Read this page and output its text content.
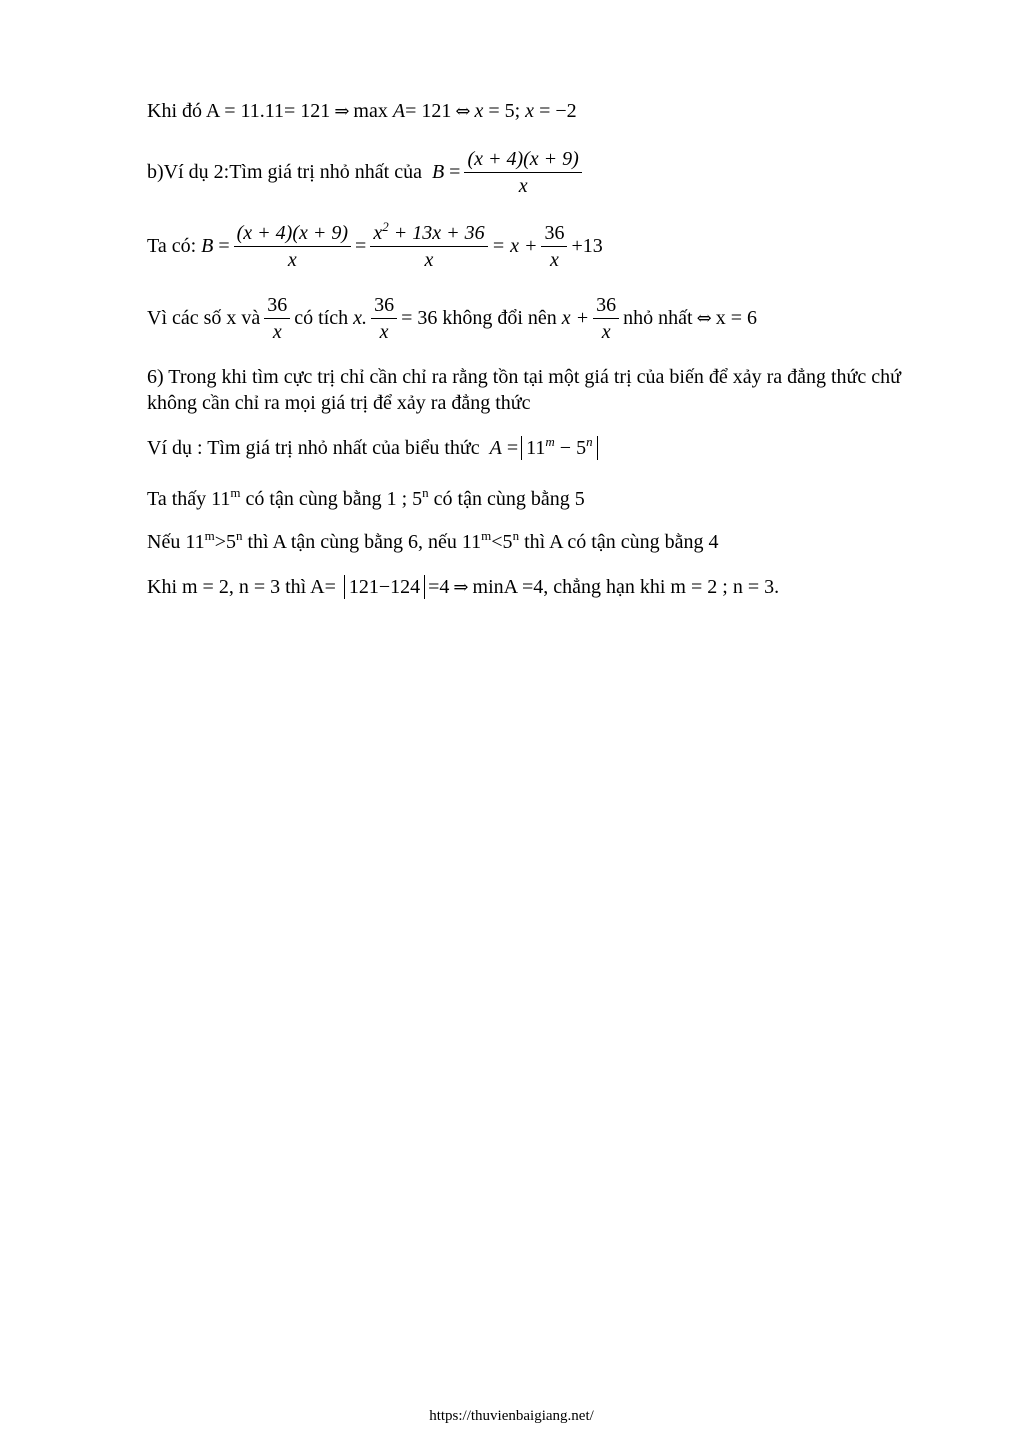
Khi đó A = 11.11= 121 ⇒ max
A = 121 ⇔ x
= 5;
x
= −2
b)Ví dụ 2:Tìm giá trị nhỏ nhất của
B
= $\frac{(x + 4)(x + 9)}{x}$
Ta có:
B
= $\frac{(x + 4)(x + 9)}{x} = \frac{x^2 + 13x + 36}{x} = x + \frac{36}{x} +13$
Vì các số x và $\frac{36}{x}$ có tích
x. $\frac{36}{x} = 36$ không đổi nên
$x + \frac{36}{x}$ nhỏ nhất ⇔ x = 6
6) Trong khi tìm cực trị chỉ cần chỉ ra rằng tồn tại một giá trị của biến để xảy ra đẳng thức chứ không cần chỉ ra mọi giá trị để xảy ra đẳng thức
Ví dụ : Tìm giá trị nhỏ nhất của biểu thức
A
= $11^m - 5^n$
Ta thấy 11$^m$ có tận cùng bằng 1 ; 5$^n$ có tận cùng bằng 5
Nếu $11^m>5^n$ thì A tận cùng bằng 6, nếu $11^m<5^n$ thì A có tận cùng bằng 4
Khi m = 2, n = 3 thì A=
121−124 =4 ⇒ minA =4, chẳng hạn khi m = 2 ; n = 3.
https://thuvienbaigiang.net/
